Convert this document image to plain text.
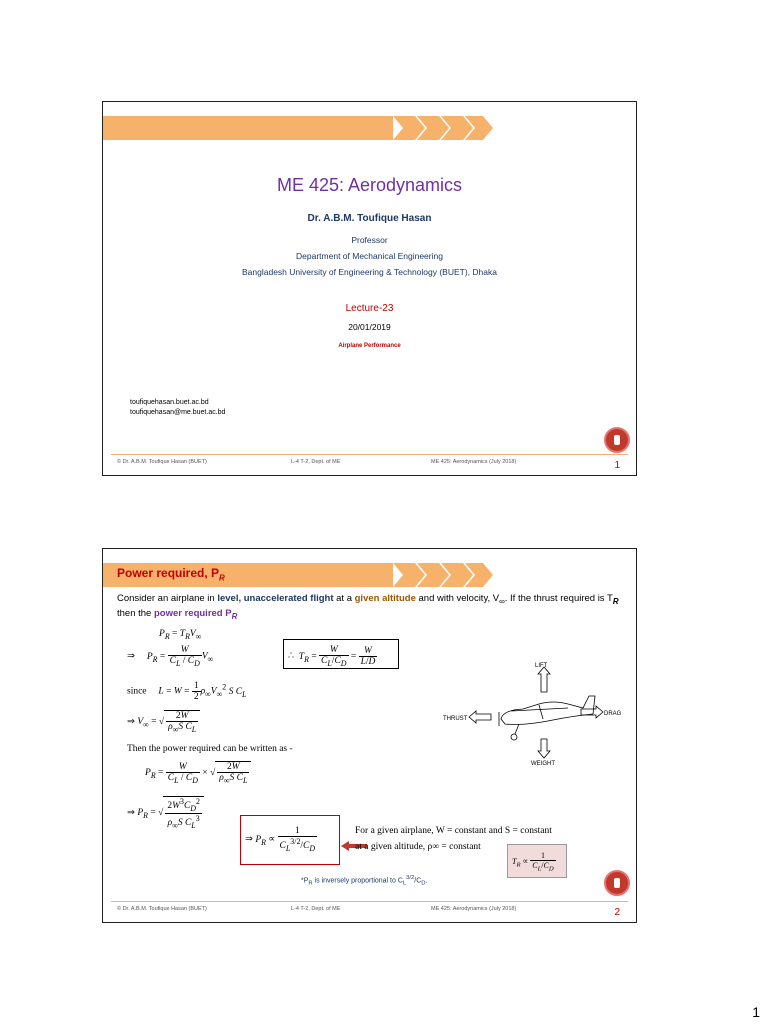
ME 425: Aerodynamics
Dr. A.B.M. Toufique Hasan
Professor
Department of Mechanical Engineering
Bangladesh University of Engineering & Technology (BUET), Dhaka
Lecture-23
20/01/2019
Airplane Performance
toufiquehasan.buet.ac.bd
toufiquehasan@me.buet.ac.bd
© Dr. A.B.M. Toufique Hasan (BUET)	L-4 T-2, Dept. of ME	ME 425: Aerodynamics (July 2018)	1
Power required, $P_R$
Consider an airplane in level, unaccelerated flight at a given altitude and with velocity, $V_\infty$. If the thrust required is $T_R$ then the power required $P_R$
$P_R = T_RV_\infty$
⇒     $P_R = \frac{W}{C_L / C_D} V_\infty$	∴  $T_R = \frac{W}{C_L/C_D} = \frac{W}{L/D}$
since $L = W = \frac{1}{2} \rho_\infty V_\infty^2$ S $C_L$
⇒ $V_\infty$ = √ $\frac{2W}{\rho_\infty S C_L}$
Then the power required can be written as -
$P_R = \frac{W}{C_L / C_D}$ × √ $\frac{2W}{\rho_\infty S C_L}$
⇒ $P_R$ = √ $\frac{2W^3C_D^2}{\rho_\infty S C_L^3}$
⇒ $P_R \propto \frac{1}{C_L^{3/2}/C_D}$	For a given airplane, W = constant and S = constant
at a given altitude, ρ∞ = constant
$T_R \propto \frac{1}{C_L/C_D}$
$*P_R$ is inversely proportional to $C_L^{3/2}/C_D$.
LIFT
THRUST
DRAG
WEIGHT
© Dr. A.B.M. Toufique Hasan (BUET)	L-4 T-2, Dept. of ME	ME 425: Aerodynamics (July 2018)	2
1
